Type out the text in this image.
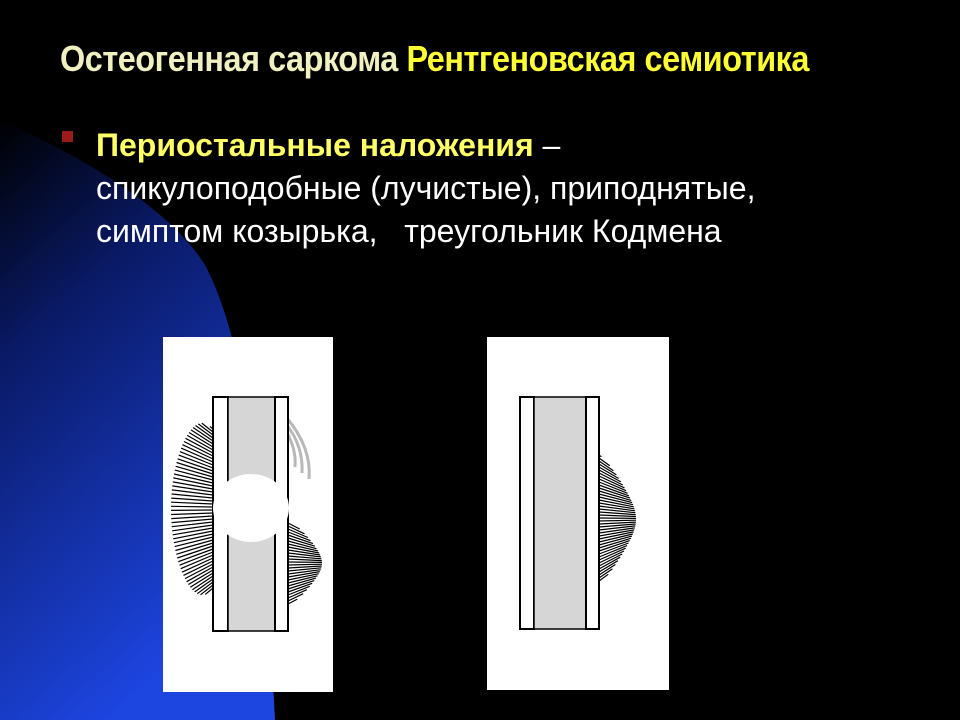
Остеогенная саркома Рентгеновская семиотика
Периостальные наложения –
спикулоподобные (лучистые), приподнятые,
симптом козырька,   треугольник Кодмена
